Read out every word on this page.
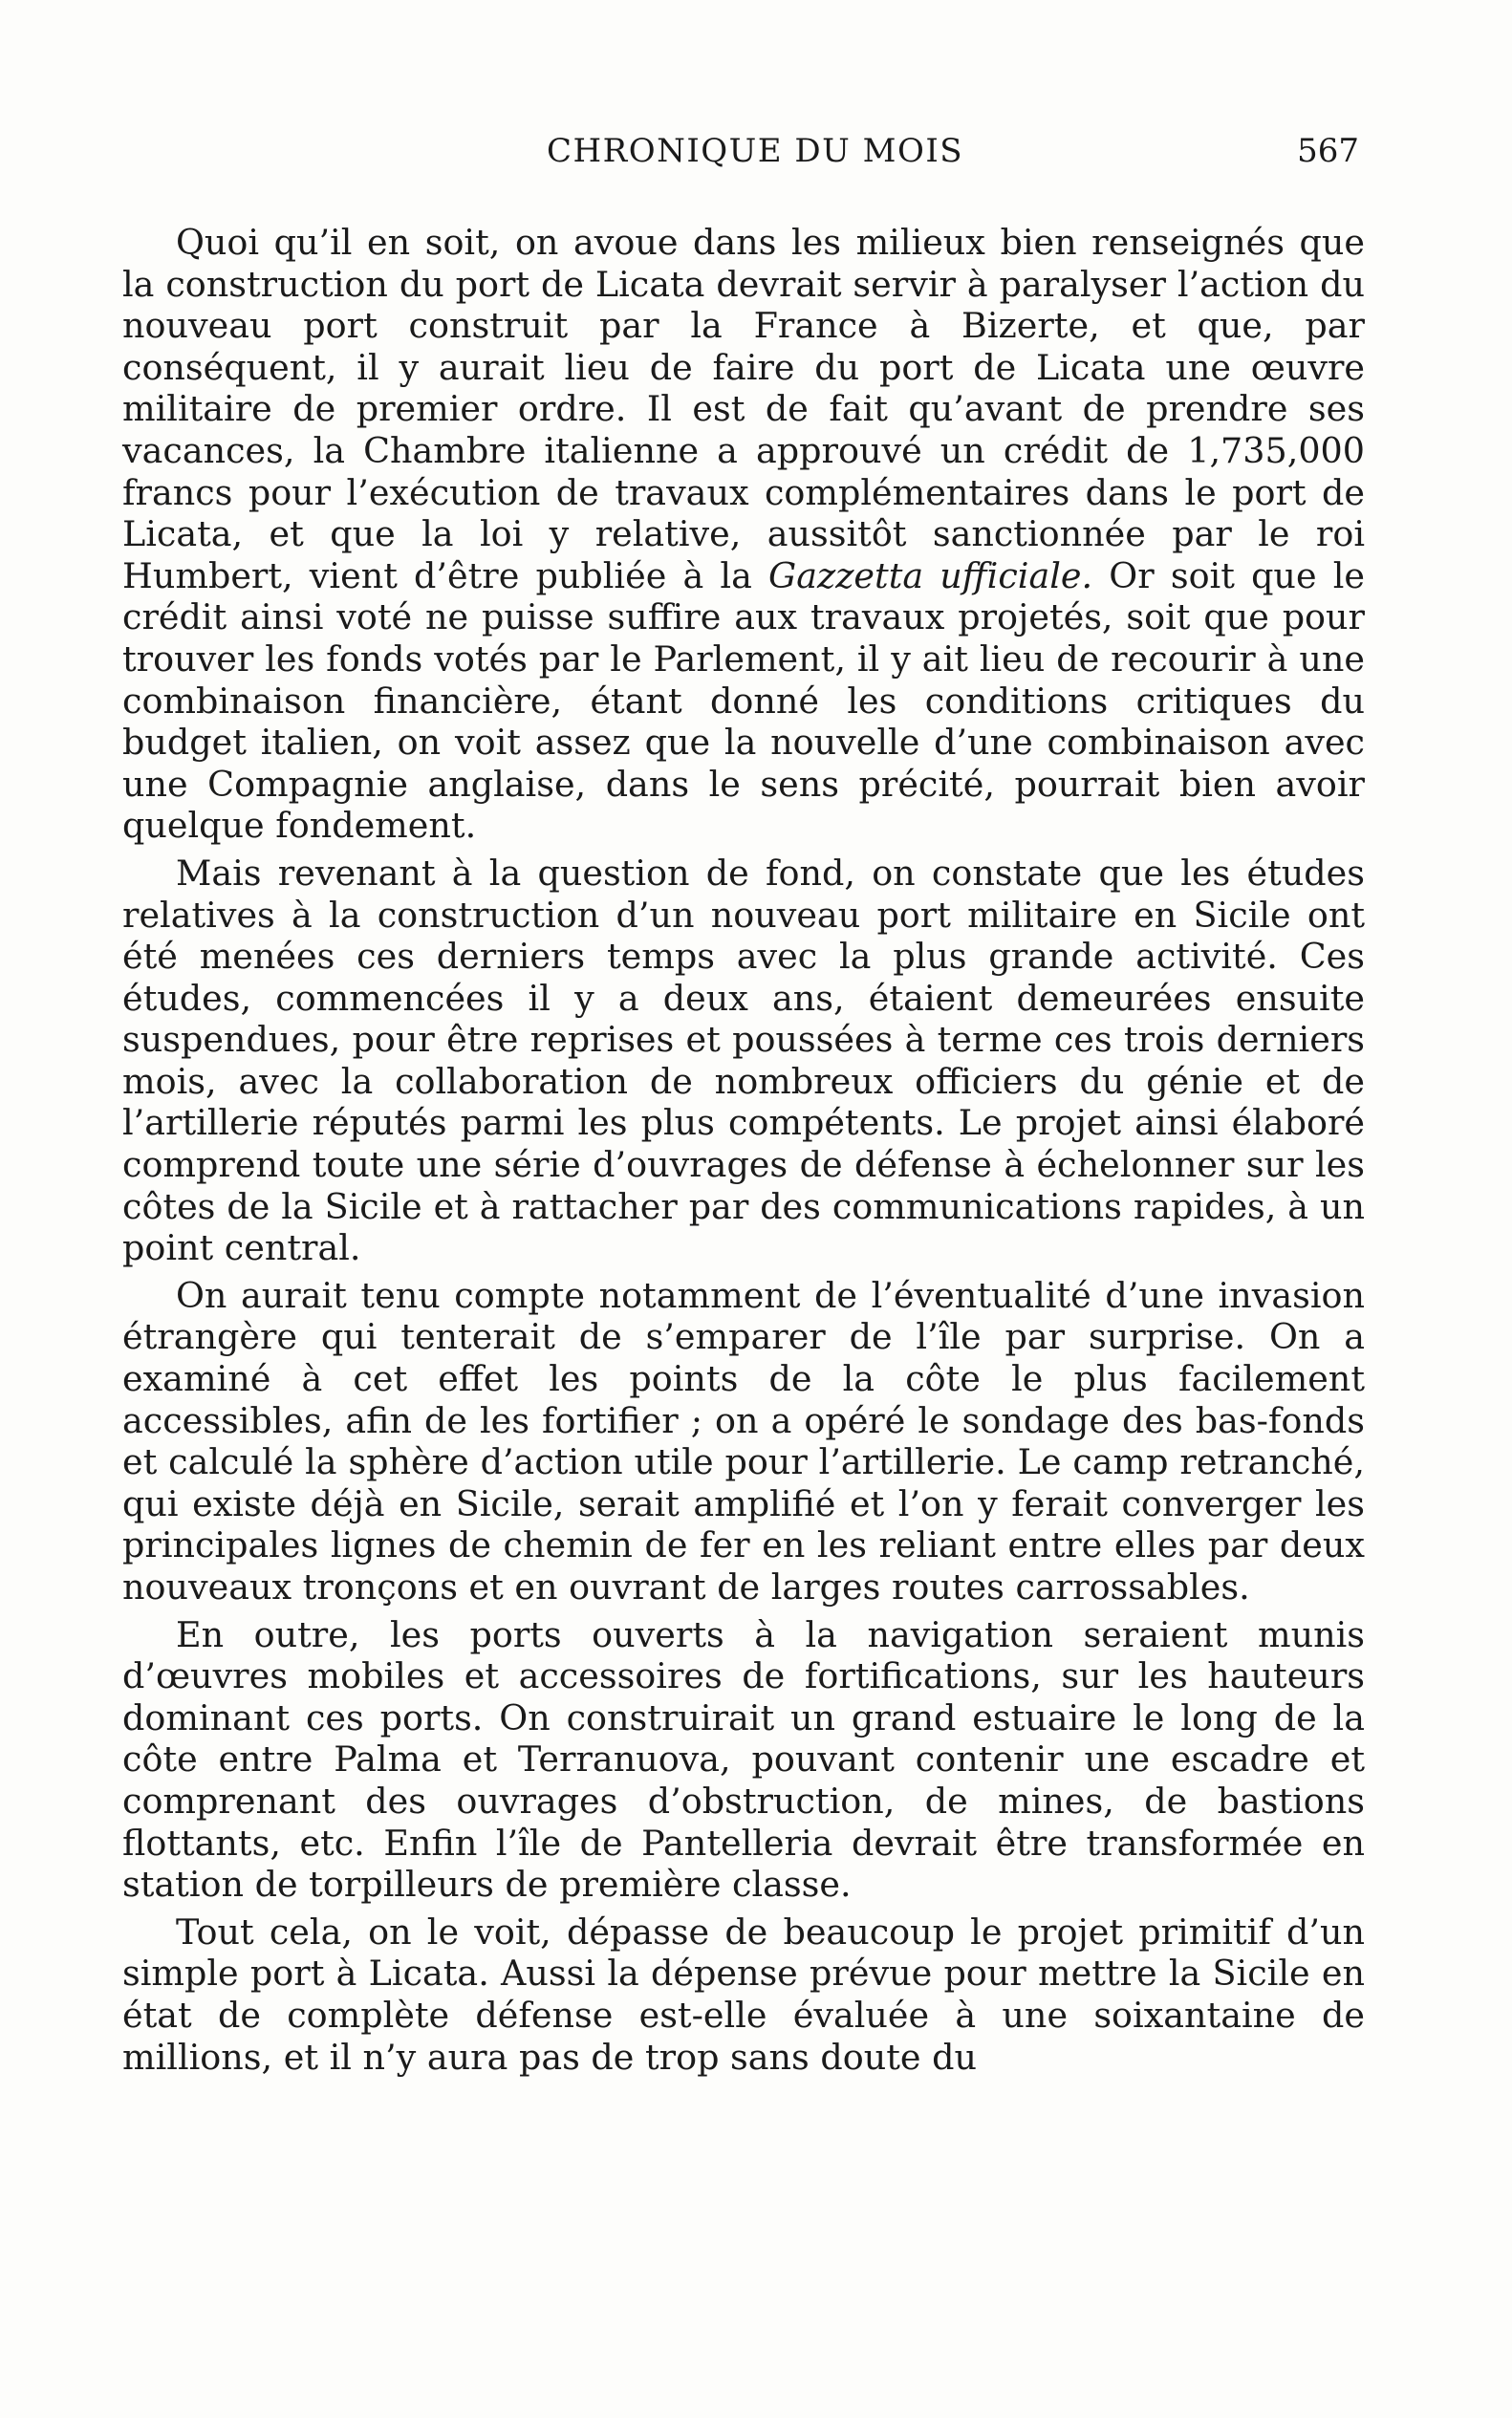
CHRONIQUE DU MOIS	567

Quoi qu’il en soit, on avoue dans les milieux bien renseignés que la construction du port de Licata devrait servir à paralyser l’action du nouveau port construit par la France à Bizerte, et que, par conséquent, il y aurait lieu de faire du port de Licata une œuvre militaire de premier ordre. Il est de fait qu’avant de prendre ses vacances, la Chambre italienne a approuvé un crédit de 1,735,000 francs pour l’exécution de travaux complémentaires dans le port de Licata, et que la loi y relative, aussitôt sanctionnée par le roi Humbert, vient d’être publiée à la Gazzetta ufficiale. Or soit que le crédit ainsi voté ne puisse suffire aux travaux projetés, soit que pour trouver les fonds votés par le Parlement, il y ait lieu de recourir à une combinaison financière, étant donné les conditions critiques du budget italien, on voit assez que la nouvelle d’une combinaison avec une Compagnie anglaise, dans le sens précité, pourrait bien avoir quelque fondement.

Mais revenant à la question de fond, on constate que les études relatives à la construction d’un nouveau port militaire en Sicile ont été menées ces derniers temps avec la plus grande activité. Ces études, commencées il y a deux ans, étaient demeurées ensuite suspendues, pour être reprises et poussées à terme ces trois derniers mois, avec la collaboration de nombreux officiers du génie et de l’artillerie réputés parmi les plus compétents. Le projet ainsi élaboré comprend toute une série d’ouvrages de défense à échelonner sur les côtes de la Sicile et à rattacher par des communications rapides, à un point central.

On aurait tenu compte notamment de l’éventualité d’une invasion étrangère qui tenterait de s’emparer de l’île par surprise. On a examiné à cet effet les points de la côte le plus facilement accessibles, afin de les fortifier ; on a opéré le sondage des bas-fonds et calculé la sphère d’action utile pour l’artillerie. Le camp retranché, qui existe déjà en Sicile, serait amplifié et l’on y ferait converger les principales lignes de chemin de fer en les reliant entre elles par deux nouveaux tronçons et en ouvrant de larges routes carrossables.

En outre, les ports ouverts à la navigation seraient munis d’œuvres mobiles et accessoires de fortifications, sur les hauteurs dominant ces ports. On construirait un grand estuaire le long de la côte entre Palma et Terranuova, pouvant contenir une escadre et comprenant des ouvrages d’obstruction, de mines, de bastions flottants, etc. Enfin l’île de Pantelleria devrait être transformée en station de torpilleurs de première classe.

Tout cela, on le voit, dépasse de beaucoup le projet primitif d’un simple port à Licata. Aussi la dépense prévue pour mettre la Sicile en état de complète défense est-elle évaluée à une soixantaine de millions, et il n’y aura pas de trop sans doute du
